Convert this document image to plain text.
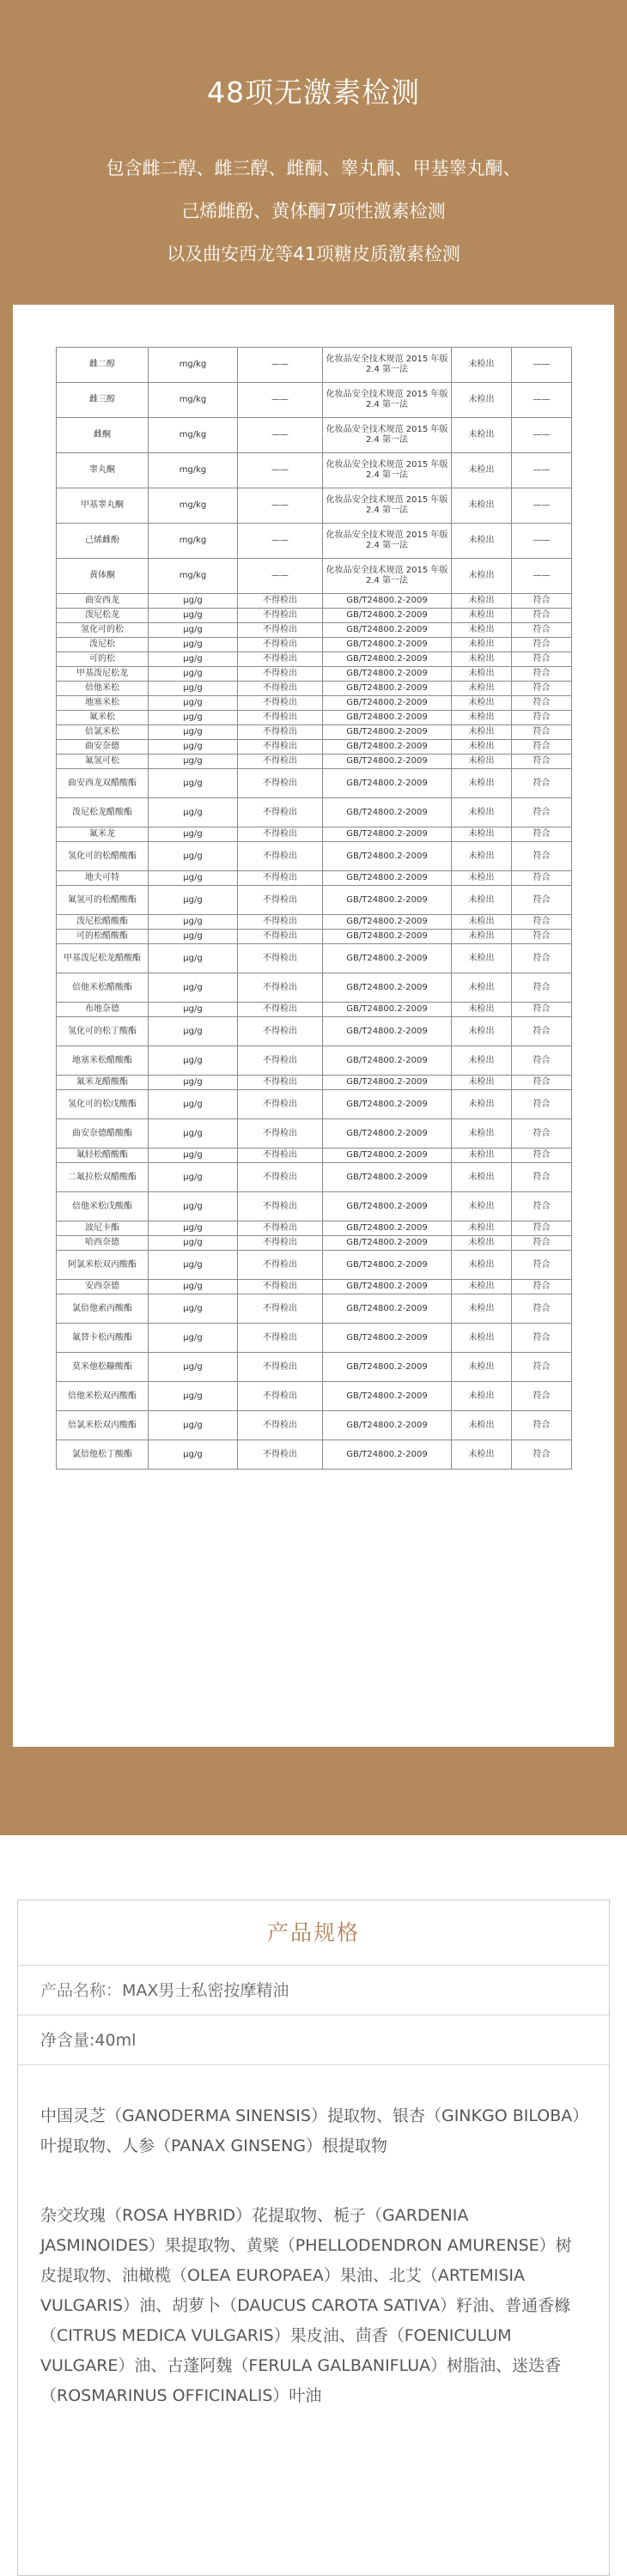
48项无激素检测
包含雌二醇、雌三醇、雌酮、睾丸酮、甲基睾丸酮、
己烯雌酚、黄体酮7项性激素检测
以及曲安西龙等41项糖皮质激素检测
雌二醇	mg/kg	——	化妆品安全技术规范 2015 年版 2.4 第一法	未检出	——
雌三醇	mg/kg	——	化妆品安全技术规范 2015 年版 2.4 第一法	未检出	——
雌酮	mg/kg	——	化妆品安全技术规范 2015 年版 2.4 第一法	未检出	——
睾丸酮	mg/kg	——	化妆品安全技术规范 2015 年版 2.4 第一法	未检出	——
甲基睾丸酮	mg/kg	——	化妆品安全技术规范 2015 年版 2.4 第一法	未检出	——
己烯雌酚	mg/kg	——	化妆品安全技术规范 2015 年版 2.4 第一法	未检出	——
黄体酮	mg/kg	——	化妆品安全技术规范 2015 年版 2.4 第一法	未检出	——
曲安西龙	μg/g	不得检出	GB/T24800.2-2009	未检出	符合
泼尼松龙	μg/g	不得检出	GB/T24800.2-2009	未检出	符合
氢化可的松	μg/g	不得检出	GB/T24800.2-2009	未检出	符合
泼尼松	μg/g	不得检出	GB/T24800.2-2009	未检出	符合
可的松	μg/g	不得检出	GB/T24800.2-2009	未检出	符合
甲基泼尼松龙	μg/g	不得检出	GB/T24800.2-2009	未检出	符合
倍他米松	μg/g	不得检出	GB/T24800.2-2009	未检出	符合
地塞米松	μg/g	不得检出	GB/T24800.2-2009	未检出	符合
氟米松	μg/g	不得检出	GB/T24800.2-2009	未检出	符合
倍氯米松	μg/g	不得检出	GB/T24800.2-2009	未检出	符合
曲安奈德	μg/g	不得检出	GB/T24800.2-2009	未检出	符合
氟氢可松	μg/g	不得检出	GB/T24800.2-2009	未检出	符合
曲安西龙双醋酸酯	μg/g	不得检出	GB/T24800.2-2009	未检出	符合
泼尼松龙醋酸酯	μg/g	不得检出	GB/T24800.2-2009	未检出	符合
氟米龙	μg/g	不得检出	GB/T24800.2-2009	未检出	符合
氢化可的松醋酸酯	μg/g	不得检出	GB/T24800.2-2009	未检出	符合
地夫可特	μg/g	不得检出	GB/T24800.2-2009	未检出	符合
氟氢可的松醋酸酯	μg/g	不得检出	GB/T24800.2-2009	未检出	符合
泼尼松醋酸酯	μg/g	不得检出	GB/T24800.2-2009	未检出	符合
可的松醋酸酯	μg/g	不得检出	GB/T24800.2-2009	未检出	符合
甲基泼尼松龙醋酸酯	μg/g	不得检出	GB/T24800.2-2009	未检出	符合
倍他米松醋酸酯	μg/g	不得检出	GB/T24800.2-2009	未检出	符合
布地奈德	μg/g	不得检出	GB/T24800.2-2009	未检出	符合
氢化可的松丁酸酯	μg/g	不得检出	GB/T24800.2-2009	未检出	符合
地塞米松醋酸酯	μg/g	不得检出	GB/T24800.2-2009	未检出	符合
氟米龙醋酸酯	μg/g	不得检出	GB/T24800.2-2009	未检出	符合
氢化可的松戊酸酯	μg/g	不得检出	GB/T24800.2-2009	未检出	符合
曲安奈德醋酸酯	μg/g	不得检出	GB/T24800.2-2009	未检出	符合
氟轻松醋酸酯	μg/g	不得检出	GB/T24800.2-2009	未检出	符合
二氟拉松双醋酸酯	μg/g	不得检出	GB/T24800.2-2009	未检出	符合
倍他米松戊酸酯	μg/g	不得检出	GB/T24800.2-2009	未检出	符合
波尼卡酯	μg/g	不得检出	GB/T24800.2-2009	未检出	符合
哈西奈德	μg/g	不得检出	GB/T24800.2-2009	未检出	符合
阿氯米松双丙酸酯	μg/g	不得检出	GB/T24800.2-2009	未检出	符合
安西奈德	μg/g	不得检出	GB/T24800.2-2009	未检出	符合
氯倍他索丙酸酯	μg/g	不得检出	GB/T24800.2-2009	未检出	符合
氟替卡松丙酸酯	μg/g	不得检出	GB/T24800.2-2009	未检出	符合
莫米他松糠酸酯	μg/g	不得检出	GB/T24800.2-2009	未检出	符合
倍他米松双丙酸酯	μg/g	不得检出	GB/T24800.2-2009	未检出	符合
倍氯米松双丙酸酯	μg/g	不得检出	GB/T24800.2-2009	未检出	符合
氯倍他松丁酸酯	μg/g	不得检出	GB/T24800.2-2009	未检出	符合
产品规格
产品名称：MAX男士私密按摩精油
净含量:40ml
中国灵芝（GANODERMA SINENSIS）提取物、银杏（GINKGO BILOBA）叶提取物、人参（PANAX GINSENG）根提取物
杂交玫瑰（ROSA HYBRID）花提取物、栀子（GARDENIA JASMINOIDES）果提取物、黄檗（PHELLODENDRON AMURENSE）树皮提取物、油橄榄（OLEA EUROPAEA）果油、北艾（ARTEMISIA VULGARIS）油、胡萝卜（DAUCUS CAROTA SATIVA）籽油、普通香橼（CITRUS MEDICA VULGARIS）果皮油、茴香（FOENICULUM VULGARE）油、古蓬阿魏（FERULA GALBANIFLUA）树脂油、迷迭香（ROSMARINUS OFFICINALIS）叶油
